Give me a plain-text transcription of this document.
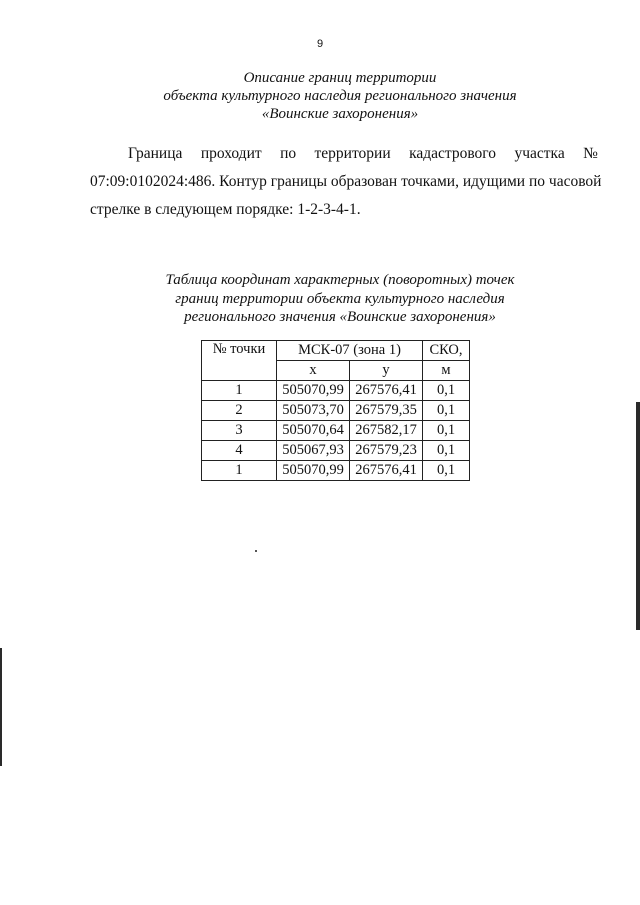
9
Описание границ территории
объекта культурного наследия регионального значения
«Воинские захоронения»
Граница проходит по территории кадастрового участка №
07:09:0102024:486. Контур границы образован точками, идущими по часовой
стрелке в следующем порядке: 1-2-3-4-1.
Таблица координат характерных (поворотных) точек
границ территории объекта культурного наследия
регионального значения «Воинские захоронения»
№ точки	МСК-07 (зона 1)		СКО,
	x	y	м
1	505070,99	267576,41	0,1
2	505073,70	267579,35	0,1
3	505070,64	267582,17	0,1
4	505067,93	267579,23	0,1
1	505070,99	267576,41	0,1
